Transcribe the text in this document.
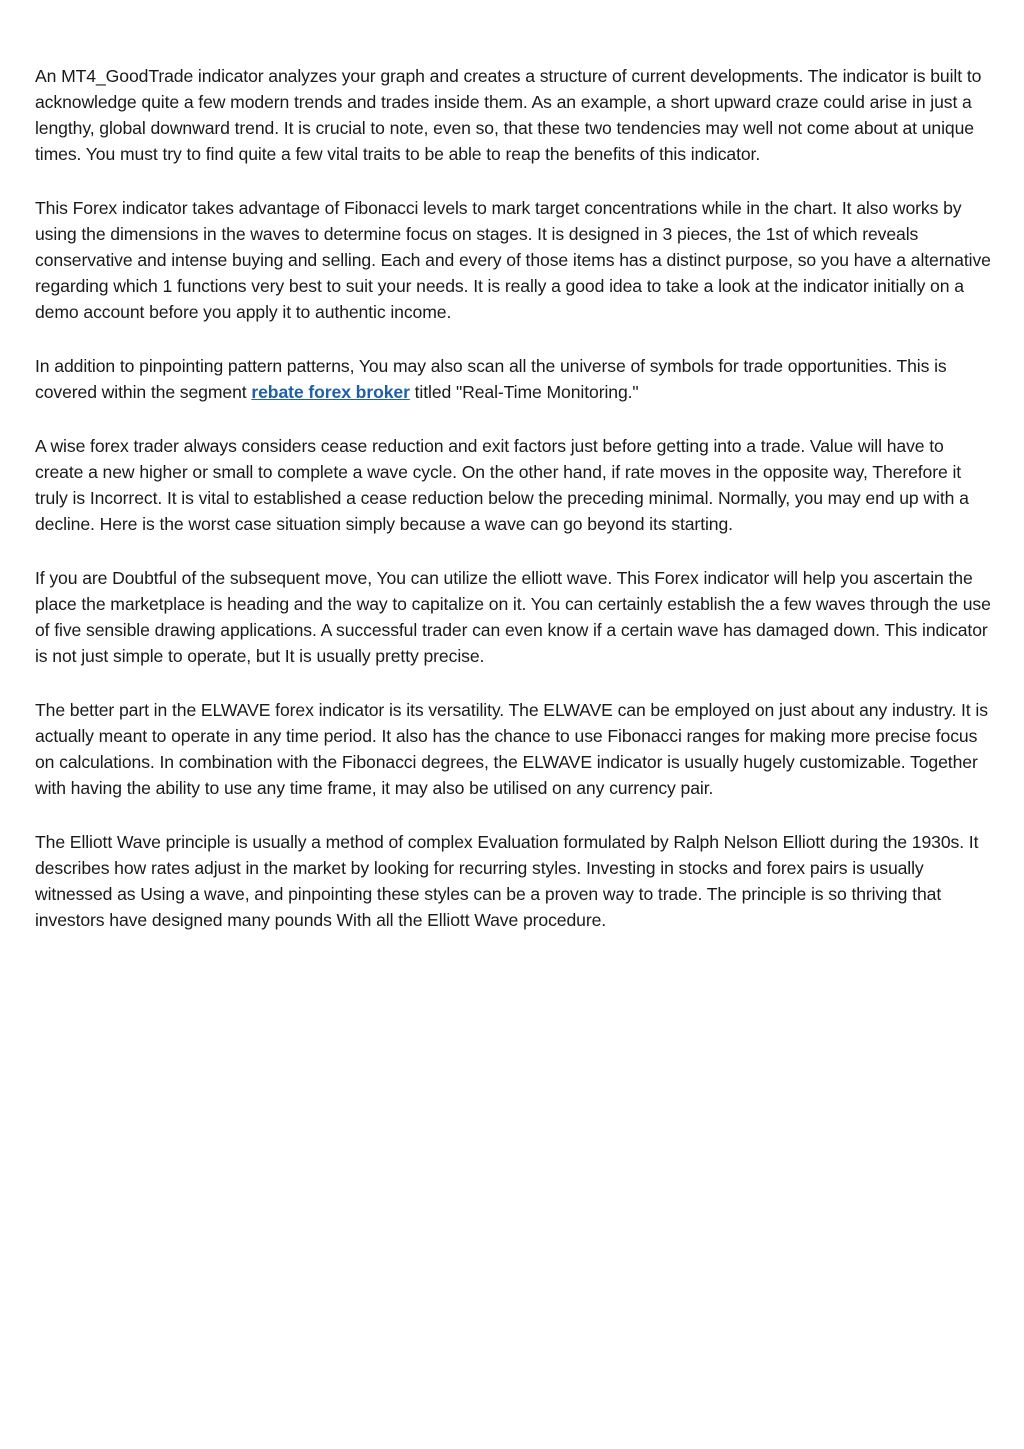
An MT4_GoodTrade indicator analyzes your graph and creates a structure of current developments. The indicator is built to acknowledge quite a few modern trends and trades inside them. As an example, a short upward craze could arise in just a lengthy, global downward trend. It is crucial to note, even so, that these two tendencies may well not come about at unique times. You must try to find quite a few vital traits to be able to reap the benefits of this indicator.

This Forex indicator takes advantage of Fibonacci levels to mark target concentrations while in the chart. It also works by using the dimensions in the waves to determine focus on stages. It is designed in 3 pieces, the 1st of which reveals conservative and intense buying and selling. Each and every of those items has a distinct purpose, so you have a alternative regarding which 1 functions very best to suit your needs. It is really a good idea to take a look at the indicator initially on a demo account before you apply it to authentic income.

In addition to pinpointing pattern patterns, You may also scan all the universe of symbols for trade opportunities. This is covered within the segment rebate forex broker titled "Real-Time Monitoring."

A wise forex trader always considers cease reduction and exit factors just before getting into a trade. Value will have to create a new higher or small to complete a wave cycle. On the other hand, if rate moves in the opposite way, Therefore it truly is Incorrect. It is vital to established a cease reduction below the preceding minimal. Normally, you may end up with a decline. Here is the worst case situation simply because a wave can go beyond its starting.

If you are Doubtful of the subsequent move, You can utilize the elliott wave. This Forex indicator will help you ascertain the place the marketplace is heading and the way to capitalize on it. You can certainly establish the a few waves through the use of five sensible drawing applications. A successful trader can even know if a certain wave has damaged down. This indicator is not just simple to operate, but It is usually pretty precise.

The better part in the ELWAVE forex indicator is its versatility. The ELWAVE can be employed on just about any industry. It is actually meant to operate in any time period. It also has the chance to use Fibonacci ranges for making more precise focus on calculations. In combination with the Fibonacci degrees, the ELWAVE indicator is usually hugely customizable. Together with having the ability to use any time frame, it may also be utilised on any currency pair.

The Elliott Wave principle is usually a method of complex Evaluation formulated by Ralph Nelson Elliott during the 1930s. It describes how rates adjust in the market by looking for recurring styles. Investing in stocks and forex pairs is usually witnessed as Using a wave, and pinpointing these styles can be a proven way to trade. The principle is so thriving that investors have designed many pounds With all the Elliott Wave procedure.
